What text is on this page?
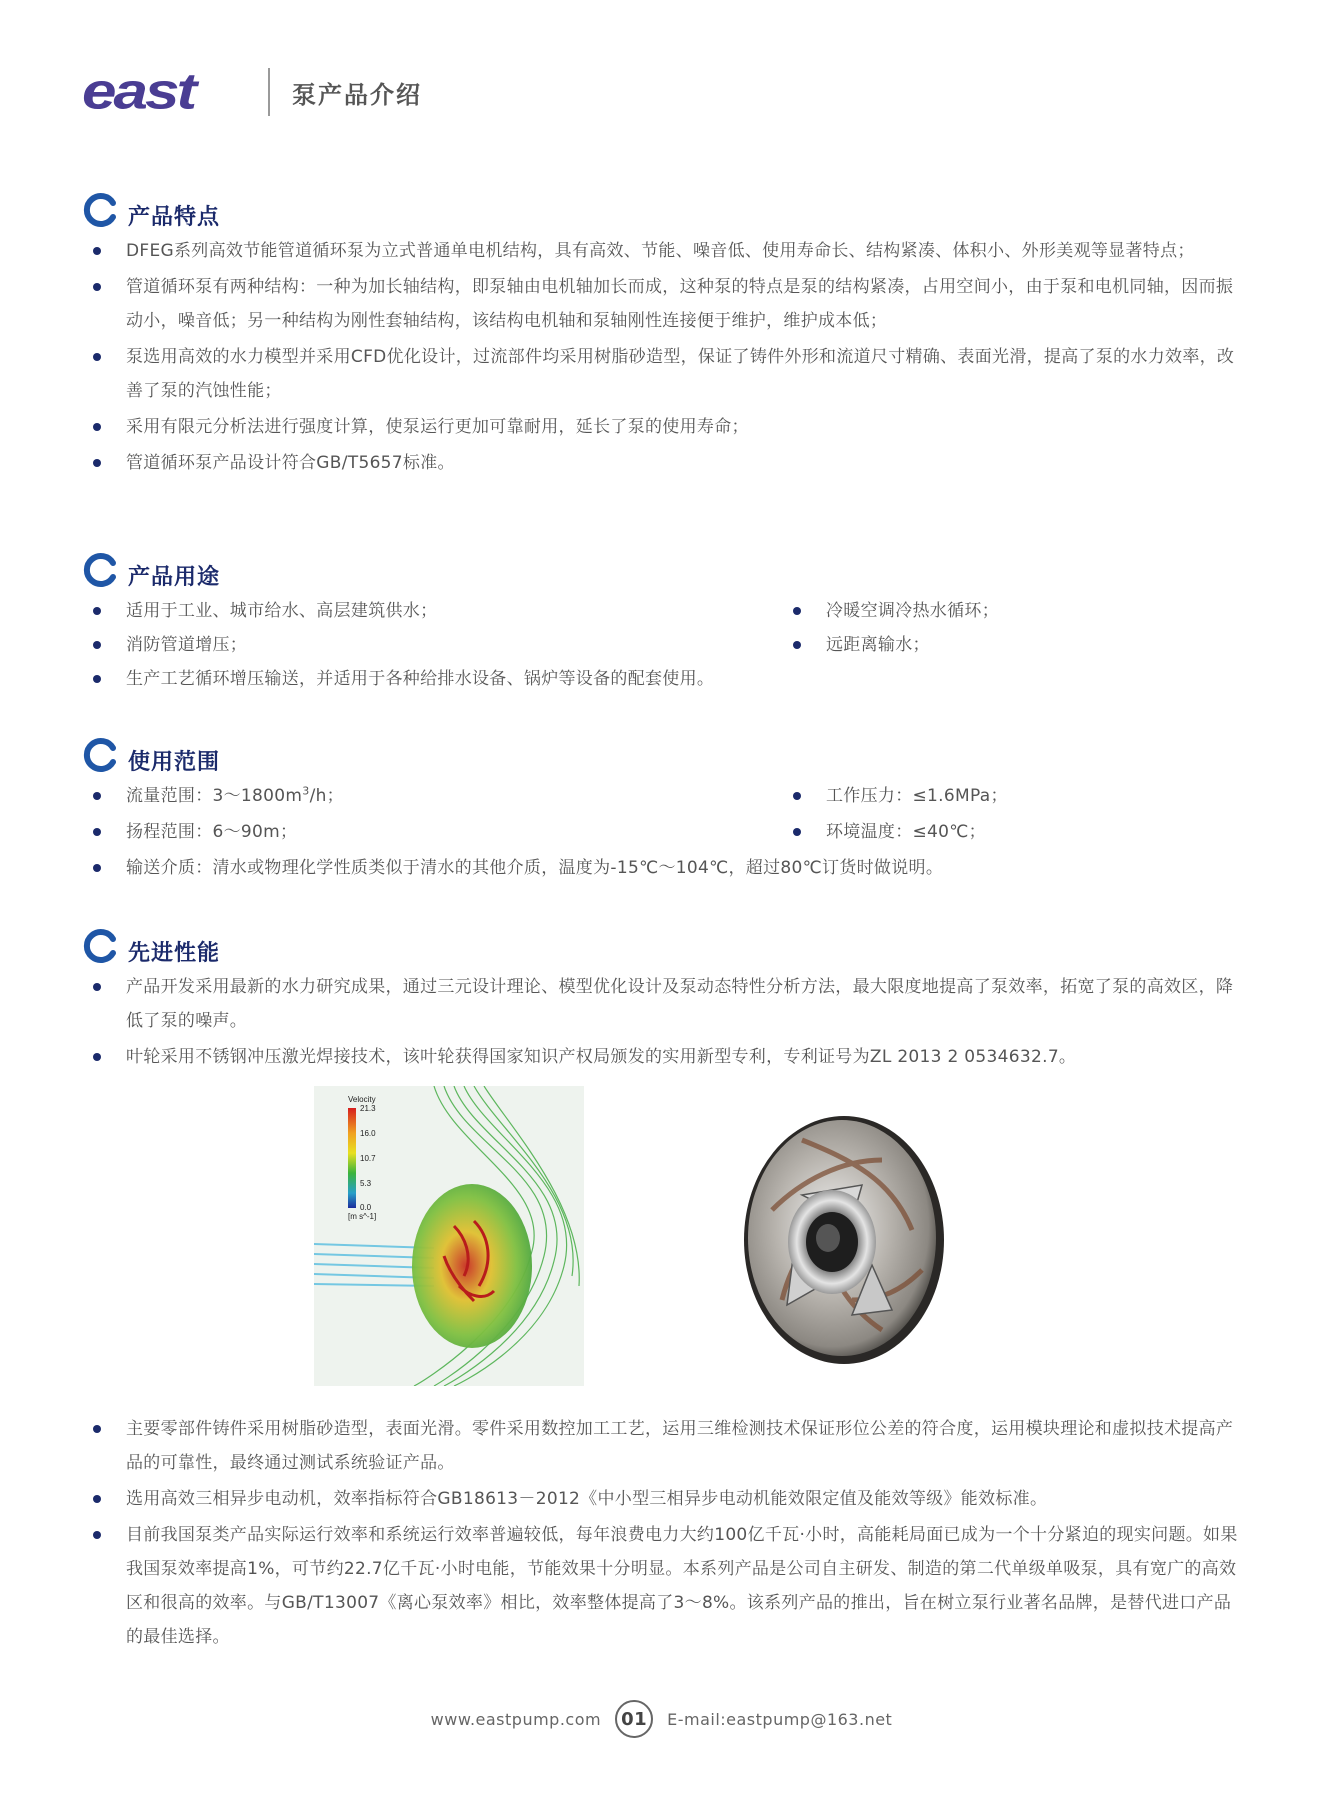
east	泵产品介绍
产品特点
DFEG系列高效节能管道循环泵为立式普通单电机结构，具有高效、节能、噪音低、使用寿命长、结构紧凑、体积小、外形美观等显著特点；
管道循环泵有两种结构：一种为加长轴结构，即泵轴由电机轴加长而成，这种泵的特点是泵的结构紧凑，占用空间小，由于泵和电机同轴，因而振动小，噪音低；另一种结构为刚性套轴结构，该结构电机轴和泵轴刚性连接便于维护，维护成本低；
泵选用高效的水力模型并采用CFD优化设计，过流部件均采用树脂砂造型，保证了铸件外形和流道尺寸精确、表面光滑，提高了泵的水力效率，改善了泵的汽蚀性能；
采用有限元分析法进行强度计算，使泵运行更加可靠耐用，延长了泵的使用寿命；
管道循环泵产品设计符合GB/T5657标准。
产品用途
适用于工业、城市给水、高层建筑供水；	冷暖空调冷热水循环；
消防管道增压；	远距离输水；
生产工艺循环增压输送，并适用于各种给排水设备、锅炉等设备的配套使用。
使用范围
流量范围：$3\sim 1800m^3/h$；	工作压力：≤1.6MPa；
扬程范围：6～90m；	环境温度：≤40℃；
输送介质：清水或物理化学性质类似于清水的其他介质，温度为-15℃～104℃，超过80℃订货时做说明。
先进性能
产品开发采用最新的水力研究成果，通过三元设计理论、模型优化设计及泵动态特性分析方法，最大限度地提高了泵效率，拓宽了泵的高效区，降低了泵的噪声。
叶轮采用不锈钢冲压激光焊接技术，该叶轮获得国家知识产权局颁发的实用新型专利，专利证号为ZL 2013 2 0534632.7。
Velocity
21.3
16.0
10.7
5.3
0.0
[m s^-1]
主要零部件铸件采用树脂砂造型，表面光滑。零件采用数控加工工艺，运用三维检测技术保证形位公差的符合度，运用模块理论和虚拟技术提高产品的可靠性，最终通过测试系统验证产品。
选用高效三相异步电动机，效率指标符合GB18613－2012《中小型三相异步电动机能效限定值及能效等级》能效标准。
目前我国泵类产品实际运行效率和系统运行效率普遍较低，每年浪费电力大约100亿千瓦·小时，高能耗局面已成为一个十分紧迫的现实问题。如果我国泵效率提高1%，可节约22.7亿千瓦·小时电能，节能效果十分明显。本系列产品是公司自主研发、制造的第二代单级单吸泵，具有宽广的高效区和很高的效率。与GB/T13007《离心泵效率》相比，效率整体提高了3～8%。该系列产品的推出，旨在树立泵行业著名品牌，是替代进口产品的最佳选择。
www.eastpump.com	01	E-mail:eastpump@163.net
